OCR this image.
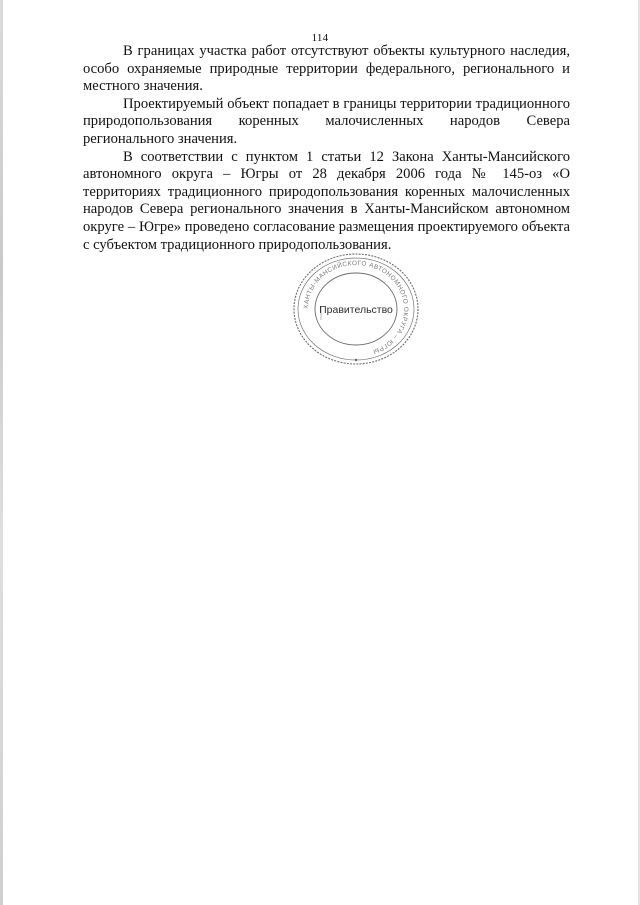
114

В границах участка работ отсутствуют объекты культурного наследия, особо охраняемые природные территории федерального, регионального и местного значения.

Проектируемый объект попадает в границы территории традиционного природопользования коренных малочисленных народов Севера регионального значения.

В соответствии с пунктом 1 статьи 12 Закона Ханты-Мансийского автономного округа – Югры от 28 декабря 2006 года № 145-оз «О территориях традиционного природопользования коренных малочисленных народов Севера регионального значения в Ханты-Мансийском автономном округе – Югре» проведено согласование размещения проектируемого объекта с субъектом традиционного природопользования.

ХАНТЫ-МАНСИЙСКОГО АВТОНОМНОГО ОКРУГА – ЮГРЫ
Правительство
